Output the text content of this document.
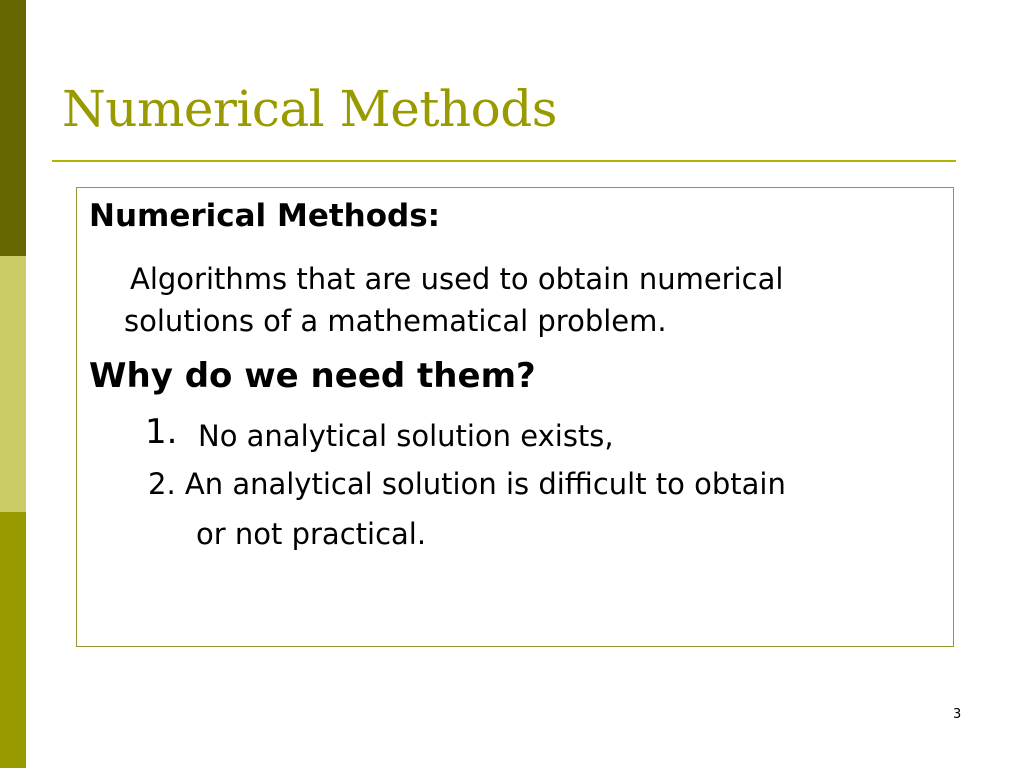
Numerical Methods
Numerical Methods:
Algorithms that are used to obtain numerical
solutions of a mathematical problem.
Why do we need them?
1. No analytical solution exists,
2. An analytical solution is difficult to obtain
or not practical.
3
